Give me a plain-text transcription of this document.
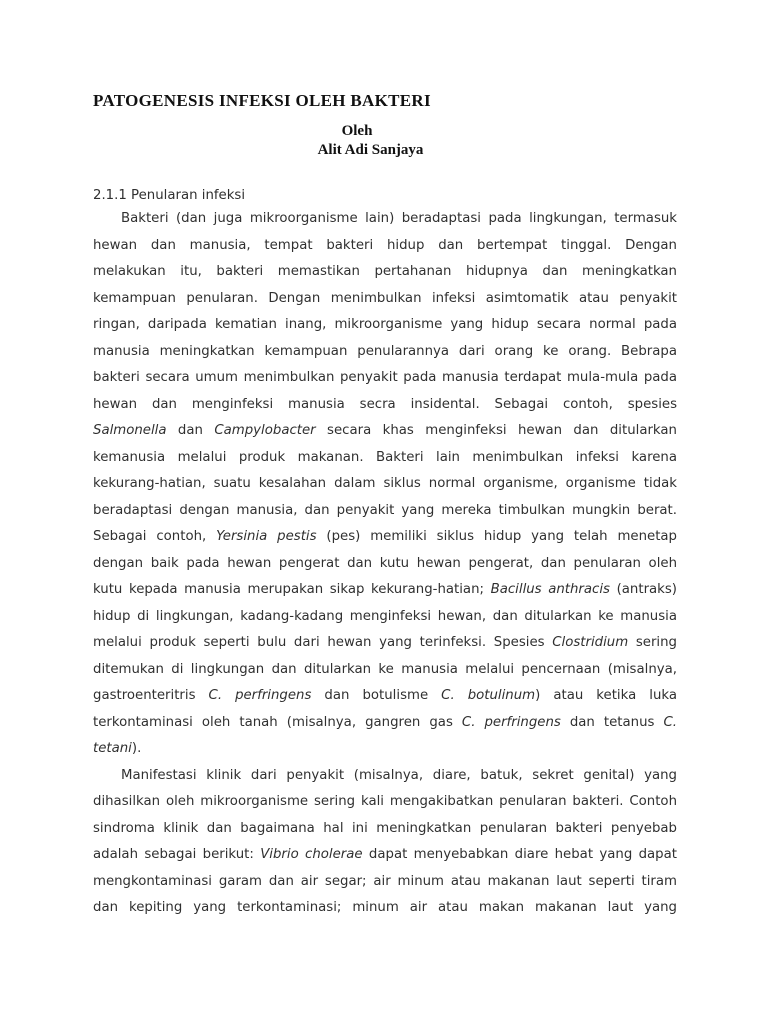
PATOGENESIS INFEKSI OLEH BAKTERI
Oleh
Alit Adi Sanjaya
2.1.1 Penularan infeksi
Bakteri (dan juga mikroorganisme lain) beradaptasi pada lingkungan, termasuk
hewan dan manusia, tempat bakteri hidup dan bertempat tinggal. Dengan
melakukan itu, bakteri memastikan pertahanan hidupnya dan meningkatkan
kemampuan penularan. Dengan menimbulkan infeksi asimtomatik atau penyakit
ringan, daripada kematian inang, mikroorganisme yang hidup secara normal pada
manusia meningkatkan kemampuan penularannya dari orang ke orang. Bebrapa
bakteri secara umum menimbulkan penyakit pada manusia terdapat mula-mula pada
hewan dan menginfeksi manusia secra insidental. Sebagai contoh, spesies
Salmonella dan Campylobacter secara khas menginfeksi hewan dan ditularkan
kemanusia melalui produk makanan. Bakteri lain menimbulkan infeksi karena
kekurang-hatian, suatu kesalahan dalam siklus normal organisme, organisme tidak
beradaptasi dengan manusia, dan penyakit yang mereka timbulkan mungkin berat.
Sebagai contoh, Yersinia pestis (pes) memiliki siklus hidup yang telah menetap
dengan baik pada hewan pengerat dan kutu hewan pengerat, dan penularan oleh
kutu kepada manusia merupakan sikap kekurang-hatian; Bacillus anthracis (antraks)
hidup di lingkungan, kadang-kadang menginfeksi hewan, dan ditularkan ke manusia
melalui produk seperti bulu dari hewan yang terinfeksi. Spesies Clostridium sering
ditemukan di lingkungan dan ditularkan ke manusia melalui pencernaan (misalnya,
gastroenteritris C. perfringens dan botulisme C. botulinum) atau ketika luka
terkontaminasi oleh tanah (misalnya, gangren gas C. perfringens dan tetanus C.
tetani).
Manifestasi klinik dari penyakit (misalnya, diare, batuk, sekret genital) yang
dihasilkan oleh mikroorganisme sering kali mengakibatkan penularan bakteri. Contoh
sindroma klinik dan bagaimana hal ini meningkatkan penularan bakteri penyebab
adalah sebagai berikut: Vibrio cholerae dapat menyebabkan diare hebat yang dapat
mengkontaminasi garam dan air segar; air minum atau makanan laut seperti tiram
dan kepiting yang terkontaminasi; minum air atau makan makanan laut yang
